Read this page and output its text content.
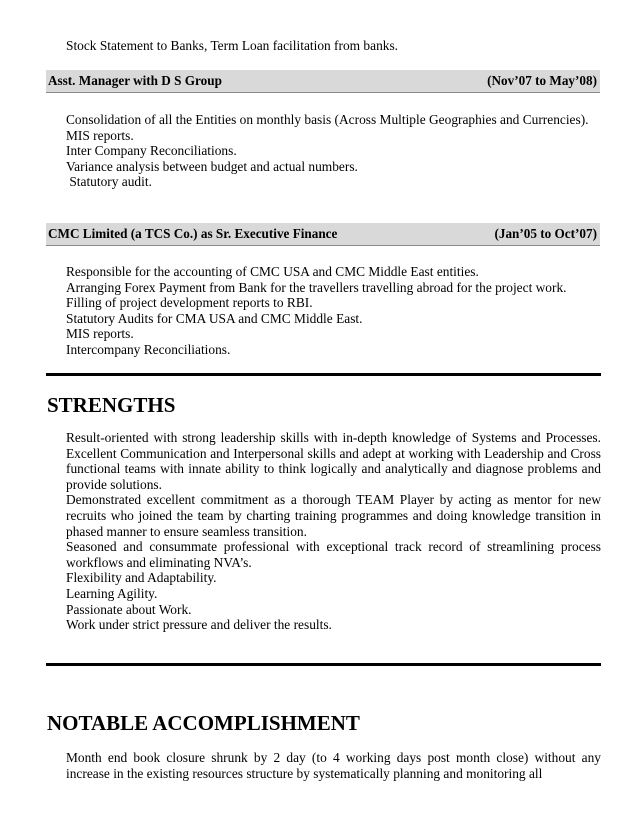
Stock Statement to Banks, Term Loan facilitation from banks.
Asst. Manager with D S Group	(Nov’07 to May’08)
Consolidation of all the Entities on monthly basis (Across Multiple Geographies and Currencies).
MIS reports.
Inter Company Reconciliations.
Variance analysis between budget and actual numbers.
Statutory audit.
CMC Limited (a TCS Co.) as Sr. Executive Finance	(Jan’05 to Oct’07)
Responsible for the accounting of CMC USA and CMC Middle East entities.
Arranging Forex Payment from Bank for the travellers travelling abroad for the project work.
Filling of project development reports to RBI.
Statutory Audits for CMA USA and CMC Middle East.
MIS reports.
Intercompany Reconciliations.
STRENGTHS
Result-oriented with strong leadership skills with in-depth knowledge of Systems and Processes. Excellent Communication and Interpersonal skills and adept at working with Leadership and Cross functional teams with innate ability to think logically and analytically and diagnose problems and provide solutions.
Demonstrated excellent commitment as a thorough TEAM Player by acting as mentor for new recruits who joined the team by charting training programmes and doing knowledge transition in phased manner to ensure seamless transition.
Seasoned and consummate professional with exceptional track record of streamlining process workflows and eliminating NVA’s.
Flexibility and Adaptability.
Learning Agility.
Passionate about Work.
Work under strict pressure and deliver the results.
NOTABLE ACCOMPLISHMENT
Month end book closure shrunk by 2 day (to 4 working days post month close) without any increase in the existing resources structure by systematically planning and monitoring all
